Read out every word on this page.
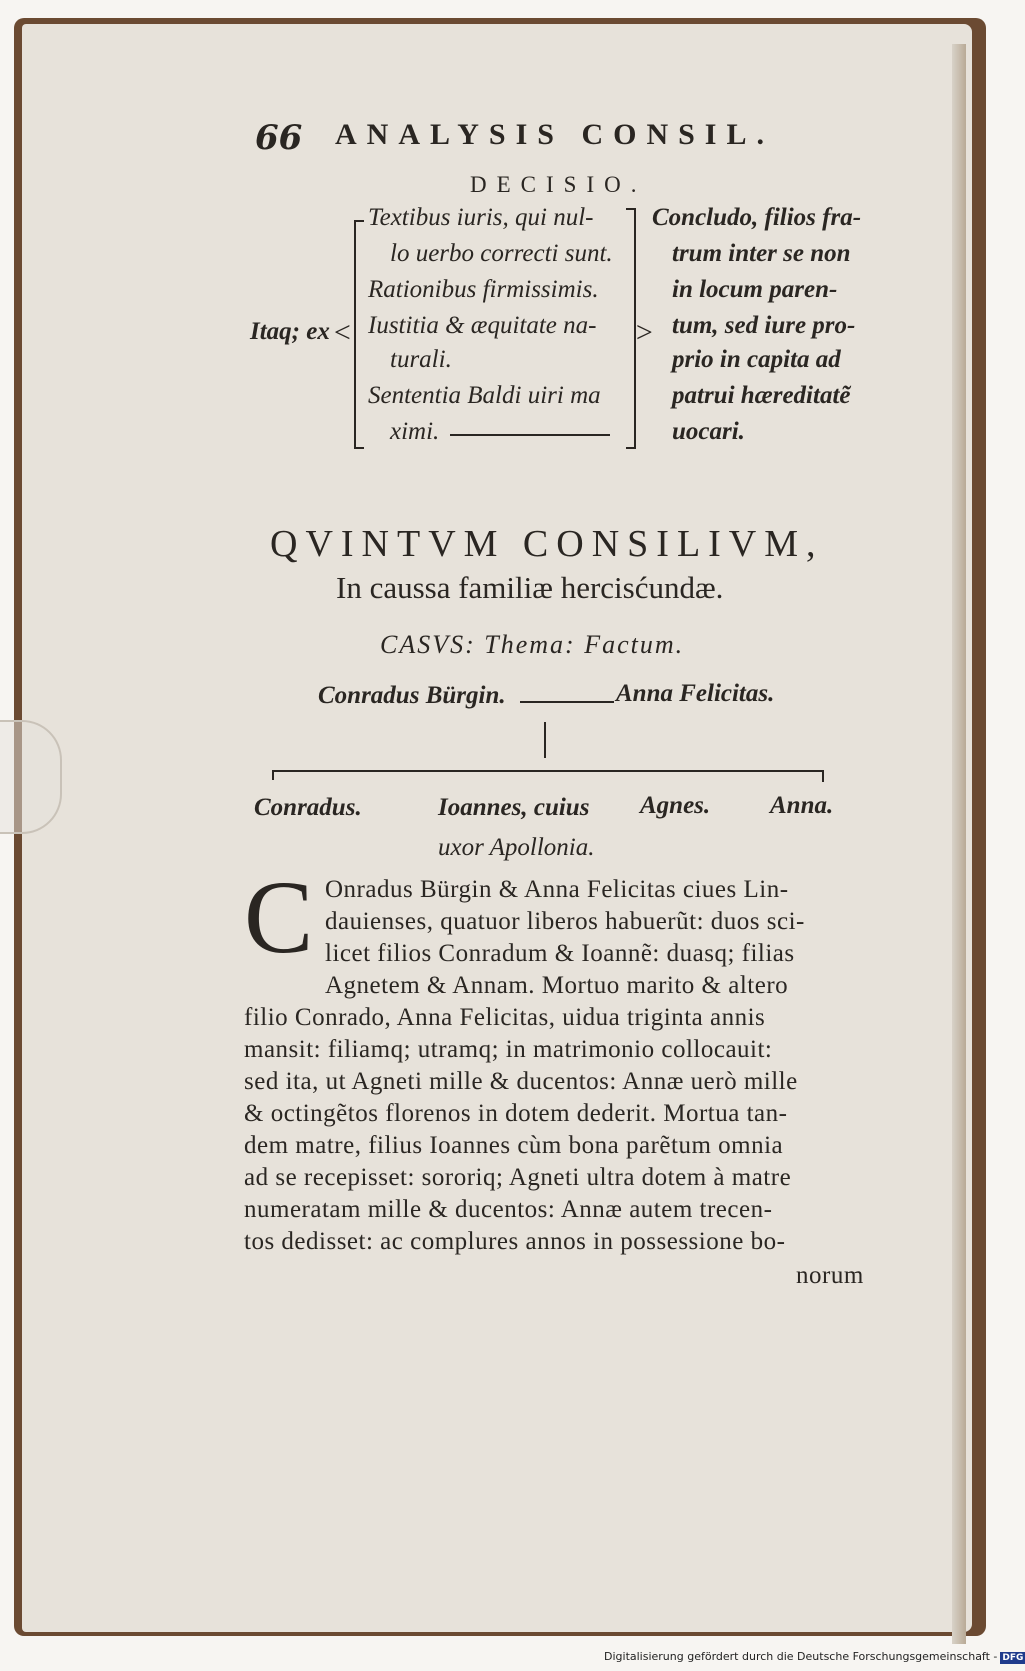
66 ANALYSIS CONSIL.
DECISIO.
Itaq; ex <	>
Textibus iuris, qui nul-
lo uerbo correcti sunt.
Rationibus firmissimis.
Iustitia & æquitate na-
turali.
Sententia Baldi uiri ma
ximi.
Concludo, filios fra-
trum inter se non
in locum paren-
tum, sed iure pro-
prio in capita ad
patrui hæreditatẽ
uocari.
QVINTVM CONSILIVM,
In caussa familiæ hercisćundæ.
CASVS: Thema: Factum.
Conradus Bürgin.	Anna Felicitas.
Conradus.	Ioannes, cuius Agnes. Anna.
uxor Apollonia.
C Onradus Bürgin & Anna Felicitas ciues Lin-
dauienses, quatuor liberos habuerũt: duos sci-
licet filios Conradum & Ioannẽ: duasq; filias
Agnetem & Annam. Mortuo marito & altero
filio Conrado, Anna Felicitas, uidua triginta annis
mansit: filiamq; utramq; in matrimonio collocauit:
sed ita, ut Agneti mille & ducentos: Annæ uerò mille
& octingẽtos florenos in dotem dederit. Mortua tan-
dem matre, filius Ioannes cùm bona parẽtum omnia
ad se recepisset: sororiq; Agneti ultra dotem à matre
numeratam mille & ducentos: Annæ autem trecen-
tos dedisset: ac complures annos in possessione bo-
norum
Digitalisierung gefördert durch die Deutsche Forschungsgemeinschaft - DFG
